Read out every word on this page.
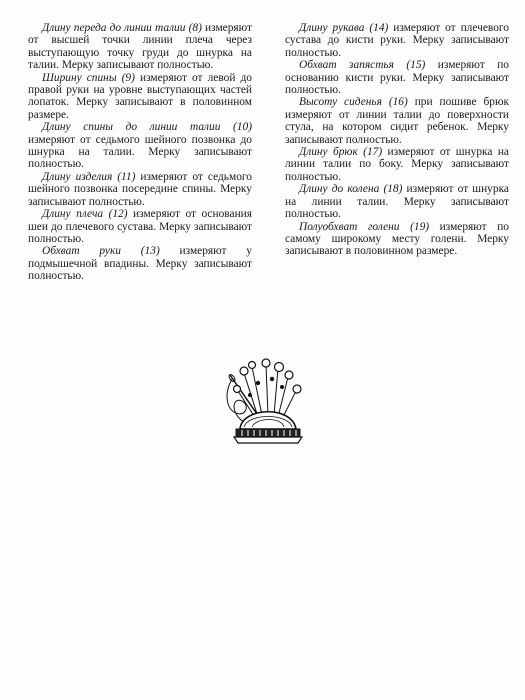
Длину переда до линии талии (8) измеряют от высшей точки линии плеча через выступающую точку груди до шнурка на талии. Мерку записывают полностью.

Ширину спины (9) измеряют от левой до правой руки на уровне выступающих частей лопаток. Мерку записывают в половинном размере.

Длину спины до линии талии (10) измеряют от седьмого шейного позвонка до шнурка на талии. Мерку записывают полностью.

Длину изделия (11) измеряют от седьмого шейного позвонка посередине спины. Мерку записывают полностью.

Длину плеча (12) измеряют от основания шеи до плечевого сустава. Мерку записывают полностью.

Обхват руки (13) измеряют у подмышечной впадины. Мерку записывают полностью.

Длину рукава (14) измеряют от плечевого сустава до кисти руки. Мерку записывают полностью.

Обхват запястья (15) измеряют по основанию кисти руки. Мерку записывают полностью.

Высоту сиденья (16) при пошиве брюк измеряют от линии талии до поверхности стула, на котором сидит ребенок. Мерку записывают полностью.

Длину брюк (17) измеряют от шнурка на линии талии по боку. Мерку записывают полностью.

Длину до колена (18) измеряют от шнурка на линии талии. Мерку записывают полностью.

Полуобхват голени (19) измеряют по самому широкому месту голени. Мерку записывают в половинном размере.
